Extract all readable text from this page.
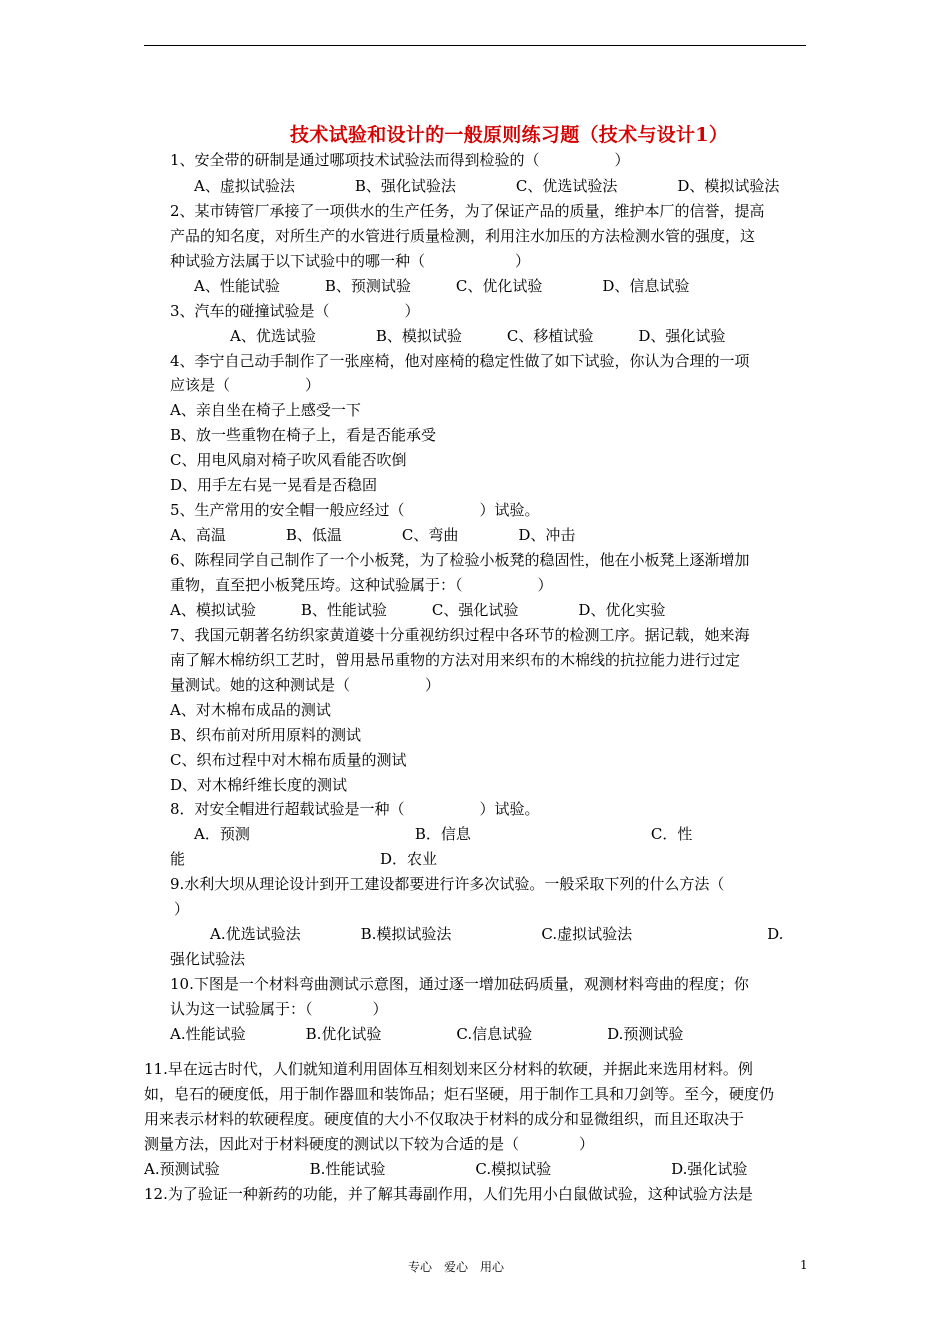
技术试验和设计的一般原则练习题（技术与设计1）
1、安全带的研制是通过哪项技术试验法而得到检验的（　　　　　）
A、虚拟试验法　　　　B、强化试验法　　　　C、优选试验法　　　　D、模拟试验法
2、某市铸管厂承接了一项供水的生产任务，为了保证产品的质量，维护本厂的信誉，提高
产品的知名度，对所生产的水管进行质量检测，利用注水加压的方法检测水管的强度，这
种试验方法属于以下试验中的哪一种（　　　　　　）
A、性能试验　　　B、预测试验　　　C、优化试验　　　　D、信息试验
3、汽车的碰撞试验是（　　　　　）
A、优选试验　　　　B、模拟试验　　　C、移植试验　　　D、强化试验
4、李宁自己动手制作了一张座椅，他对座椅的稳定性做了如下试验，你认为合理的一项
应该是（　　　　　）
A、亲自坐在椅子上感受一下
B、放一些重物在椅子上，看是否能承受
C、用电风扇对椅子吹风看能否吹倒
D、用手左右晃一晃看是否稳固
5、生产常用的安全帽一般应经过（　　　　　）试验。
A、高温　　　　B、低温　　　　C、弯曲　　　　D、冲击
6、陈程同学自己制作了一个小板凳，为了检验小板凳的稳固性，他在小板凳上逐渐增加
重物，直至把小板凳压垮。这种试验属于：（　　　　　）
A、模拟试验　　　B、性能试验　　　C、强化试验　　　　D、优化实验
7、我国元朝著名纺织家黄道婆十分重视纺织过程中各环节的检测工序。据记载，她来海
南了解木棉纺织工艺时，曾用悬吊重物的方法对用来织布的木棉线的抗拉能力进行过定
量测试。她的这种测试是（　　　　　）
A、对木棉布成品的测试
B、织布前对所用原料的测试
C、织布过程中对木棉布质量的测试
D、对木棉纤维长度的测试
8．对安全帽进行超载试验是一种（　　　　　）试验。
A．预测　　　　　　　　　　　B．信息　　　　　　　　　　　　C．性
能　　　　　　　　　　　　　D．农业
9.水利大坝从理论设计到开工建设都要进行许多次试验。一般采取下列的什么方法（
）
A.优选试验法　　　　B.模拟试验法　　　　　　C.虚拟试验法　　　　　　　　　D.
强化试验法
10.下图是一个材料弯曲测试示意图，通过逐一增加砝码质量，观测材料弯曲的程度；你
认为这一试验属于：（　　　　）
A.性能试验　　　　B.优化试验　　　　　C.信息试验　　　　　D.预测试验
11.早在远古时代，人们就知道利用固体互相刻划来区分材料的软硬，并据此来选用材料。例
如，皂石的硬度低，用于制作器皿和装饰品；炬石坚硬，用于制作工具和刀剑等。至今，硬度仍
用来表示材料的软硬程度。硬度值的大小不仅取决于材料的成分和显微组织，而且还取决于
测量方法，因此对于材料硬度的测试以下较为合适的是（　　　　）
A.预测试验　　　　　　B.性能试验　　　　　　C.模拟试验　　　　　　　　D.强化试验
12.为了验证一种新药的功能，并了解其毒副作用，人们先用小白鼠做试验，这种试验方法是
专心　爱心　用心	1
